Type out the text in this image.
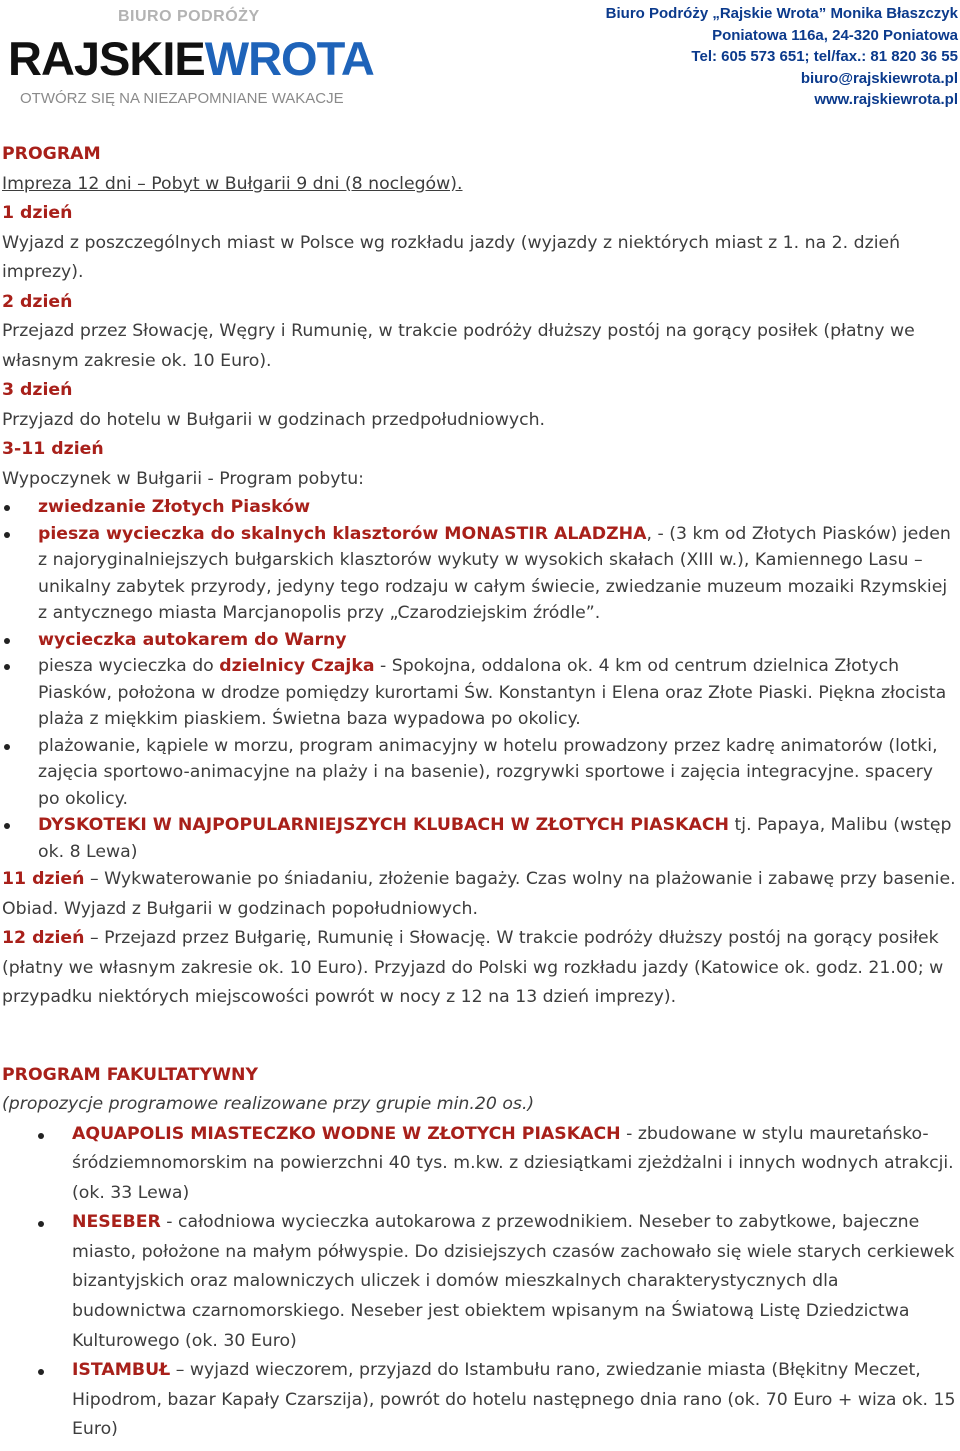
BIURO PODRÓŻY
RAJSKIEWROTA
OTWÓRZ SIĘ NA NIEZAPOMNIANE WAKACJE
Biuro Podróży „Rajskie Wrota” Monika Błaszczyk
Poniatowa 116a, 24-320 Poniatowa
Tel: 605 573 651; tel/fax.: 81 820 36 55
biuro@rajskiewrota.pl
www.rajskiewrota.pl

PROGRAM

Impreza 12 dni – Pobyt w Bułgarii 9 dni (8 noclegów).

1 dzień

Wyjazd z poszczególnych miast w Polsce wg rozkładu jazdy (wyjazdy z niektórych miast z 1. na 2. dzień imprezy).

2 dzień

Przejazd przez Słowację, Węgry i Rumunię, w trakcie podróży dłuższy postój na gorący posiłek (płatny we własnym zakresie ok. 10 Euro).

3 dzień

Przyjazd do hotelu w Bułgarii w godzinach przedpołudniowych.

3-11 dzień

Wypoczynek w Bułgarii - Program pobytu:

zwiedzanie Złotych Piasków
piesza wycieczka do skalnych klasztorów MONASTIR ALADZHA, - (3 km od Złotych Piasków) jeden z najoryginalniejszych bułgarskich klasztorów wykuty w wysokich skałach (XIII w.), Kamiennego Lasu – unikalny zabytek przyrody, jedyny tego rodzaju w całym świecie, zwiedzanie muzeum mozaiki Rzymskiej z antycznego miasta Marcjanopolis przy „Czarodziejskim źródle”.
wycieczka autokarem do Warny
piesza wycieczka do dzielnicy Czajka - Spokojna, oddalona ok. 4 km od centrum dzielnica Złotych Piasków, położona w drodze pomiędzy kurortami Św. Konstantyn i Elena oraz Złote Piaski. Piękna złocista plaża z miękkim piaskiem. Świetna baza wypadowa po okolicy.
plażowanie, kąpiele w morzu, program animacyjny w hotelu prowadzony przez kadrę animatorów (lotki, zajęcia sportowo-animacyjne na plaży i na basenie), rozgrywki sportowe i zajęcia integracyjne. spacery po okolicy.
DYSKOTEKI W NAJPOPULARNIEJSZYCH KLUBACH W ZŁOTYCH PIASKACH tj. Papaya, Malibu (wstęp ok. 8 Lewa)

11 dzień – Wykwaterowanie po śniadaniu, złożenie bagaży. Czas wolny na plażowanie i zabawę przy basenie. Obiad. Wyjazd z Bułgarii w godzinach popołudniowych.

12 dzień – Przejazd przez Bułgarię, Rumunię i Słowację. W trakcie podróży dłuższy postój na gorący posiłek (płatny we własnym zakresie ok. 10 Euro). Przyjazd do Polski wg rozkładu jazdy (Katowice ok. godz. 21.00; w przypadku niektórych miejscowości powrót w nocy z 12 na 13 dzień imprezy).

PROGRAM FAKULTATYWNY

(propozycje programowe realizowane przy grupie min.20 os.)

AQUAPOLIS MIASTECZKO WODNE W ZŁOTYCH PIASKACH - zbudowane w stylu mauretańsko-śródziemnomorskim na powierzchni 40 tys. m.kw. z dziesiątkami zjeżdżalni i innych wodnych atrakcji. (ok. 33 Lewa)
NESEBER - całodniowa wycieczka autokarowa z przewodnikiem. Neseber to zabytkowe, bajeczne miasto, położone na małym półwyspie. Do dzisiejszych czasów zachowało się wiele starych cerkiewek bizantyjskich oraz malowniczych uliczek i domów mieszkalnych charakterystycznych dla budownictwa czarnomorskiego. Neseber jest obiektem wpisanym na Światową Listę Dziedzictwa Kulturowego (ok. 30 Euro)
ISTAMBUŁ – wyjazd wieczorem, przyjazd do Istambułu rano, zwiedzanie miasta (Błękitny Meczet, Hipodrom, bazar Kapały Czarszija), powrót do hotelu następnego dnia rano (ok. 70 Euro + wiza ok. 15 Euro)
